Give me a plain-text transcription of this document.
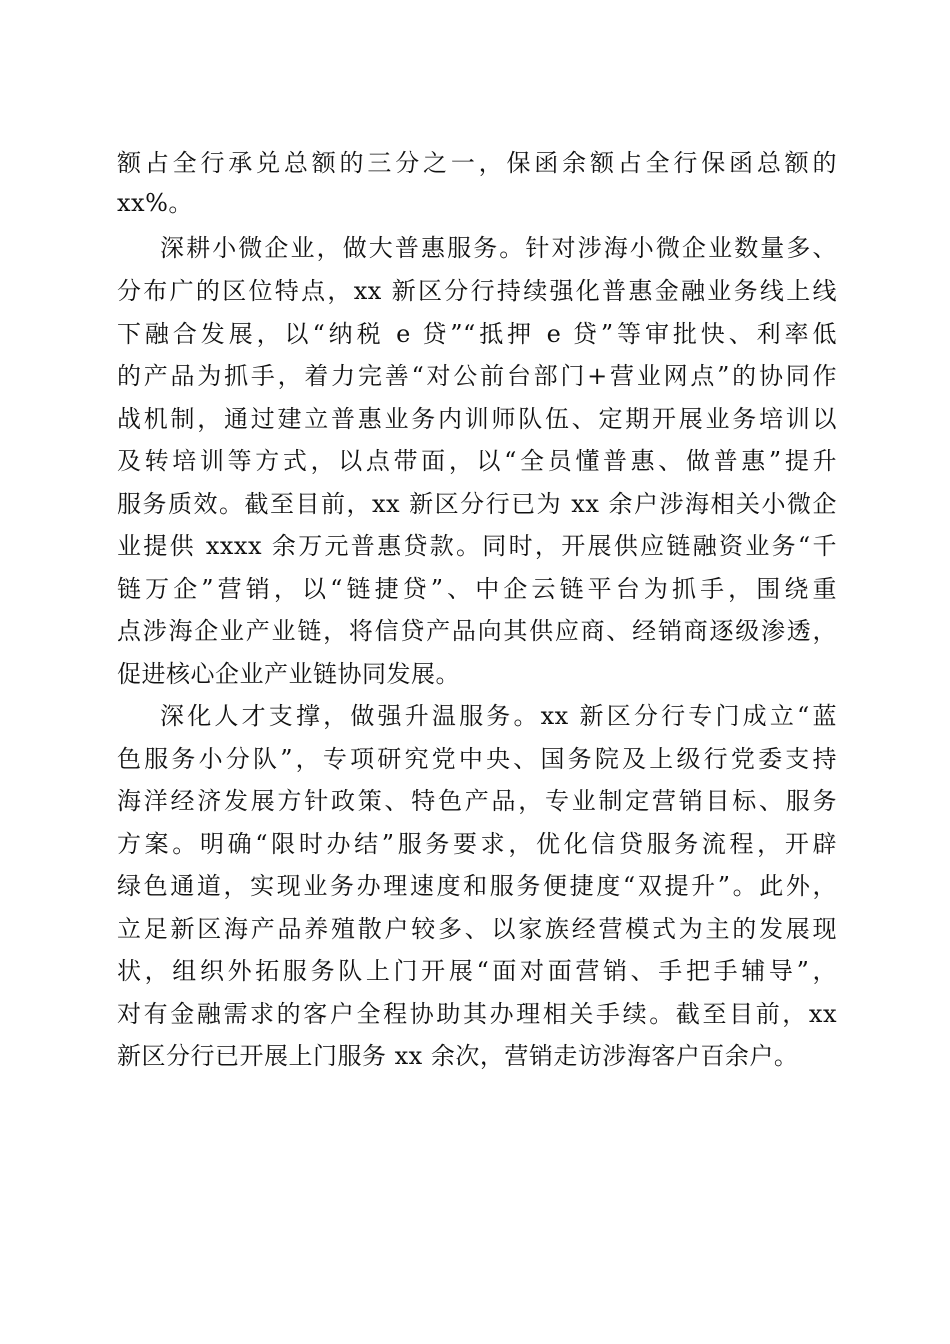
额占全行承兑总额的三分之一，保函余额占全行保函总额的
xx%。
深耕小微企业，做大普惠服务。针对涉海小微企业数量多、
分布广的区位特点，xx 新区分行持续强化普惠金融业务线上线
下融合发展，以“纳税 e 贷”“抵押 e 贷”等审批快、利率低
的产品为抓手，着力完善“对公前台部门+营业网点”的协同作
战机制，通过建立普惠业务内训师队伍、定期开展业务培训以
及转培训等方式，以点带面，以“全员懂普惠、做普惠”提升
服务质效。截至目前，xx 新区分行已为 xx 余户涉海相关小微企
业提供 xxxx 余万元普惠贷款。同时，开展供应链融资业务“千
链万企”营销，以“链捷贷”、中企云链平台为抓手，围绕重
点涉海企业产业链，将信贷产品向其供应商、经销商逐级渗透，
促进核心企业产业链协同发展。
深化人才支撑，做强升温服务。xx 新区分行专门成立“蓝
色服务小分队”，专项研究党中央、国务院及上级行党委支持
海洋经济发展方针政策、特色产品，专业制定营销目标、服务
方案。明确“限时办结”服务要求，优化信贷服务流程，开辟
绿色通道，实现业务办理速度和服务便捷度“双提升”。此外，
立足新区海产品养殖散户较多、以家族经营模式为主的发展现
状，组织外拓服务队上门开展“面对面营销、手把手辅导”，
对有金融需求的客户全程协助其办理相关手续。截至目前，xx
新区分行已开展上门服务 xx 余次，营销走访涉海客户百余户。
